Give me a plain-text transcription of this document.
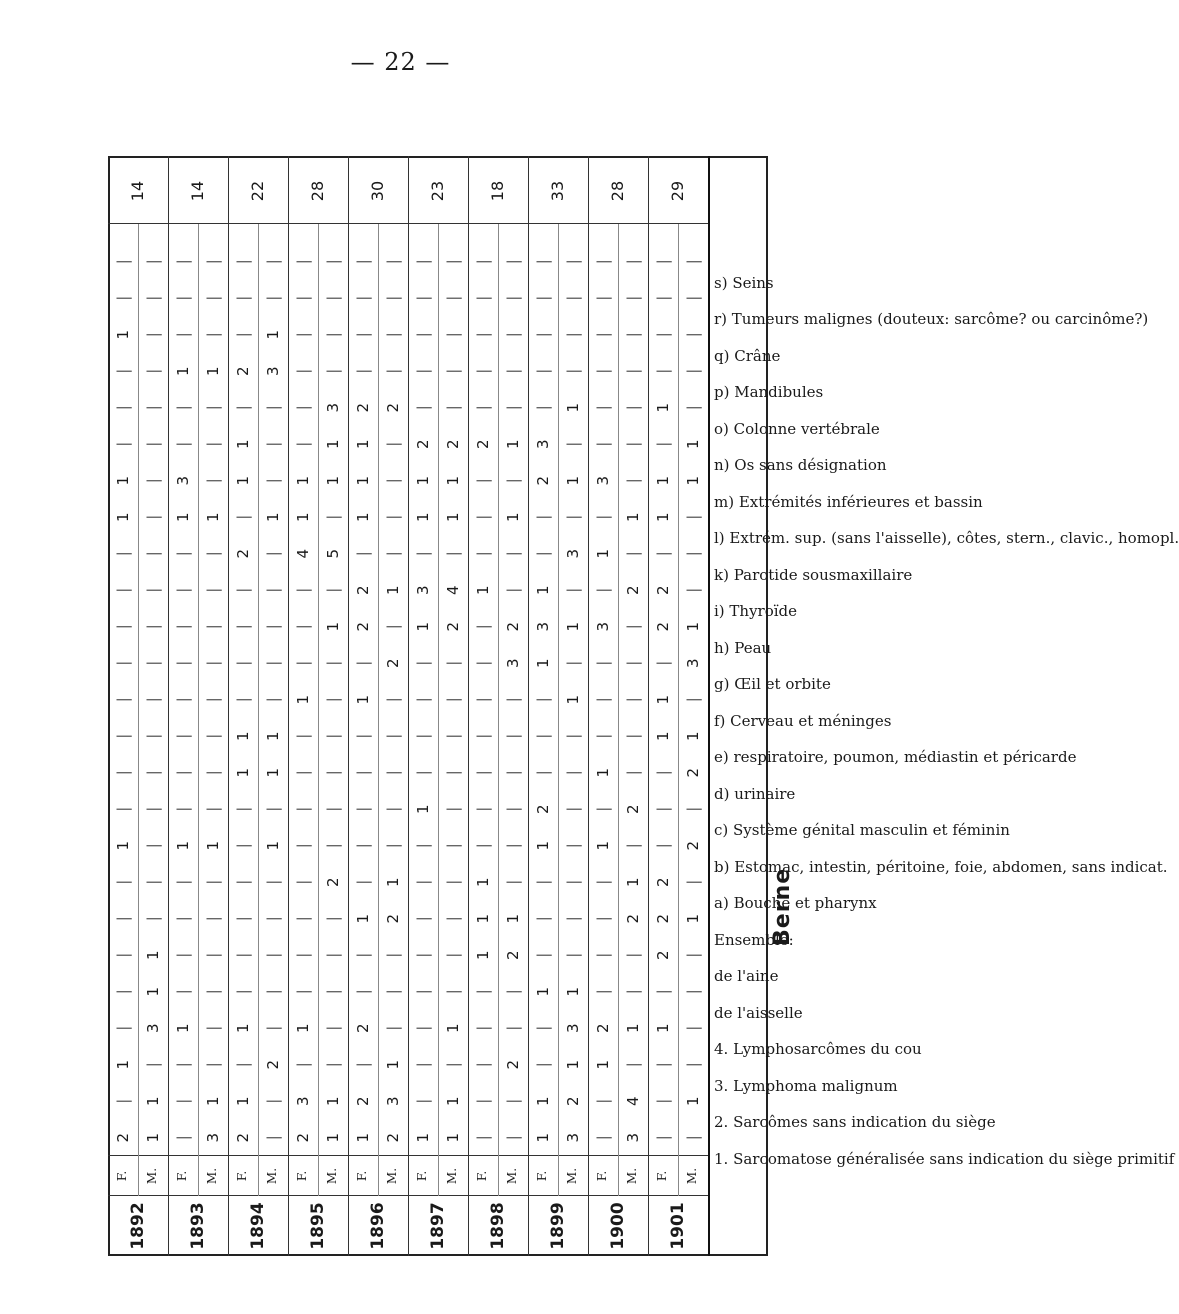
— 22 —
1892
F.
2
|
1
|
|
|
|
|
1
|
|
|
|
|
|
|
|
1
1
|
|
|
1
|
|
M.
1
1
|
3
1
1
|
|
|
|
|
|
|
|
|
|
|
|
|
|
|
|
|
|
|
14
1893
F.
|
|
|
1
|
|
|
|
1
|
|
|
|
|
|
|
|
1
3
|
|
1
|
|
|
M.
3
1
|
|
|
|
|
|
1
|
|
|
|
|
|
|
|
1
|
|
|
1
|
|
|
14
1894
F.
2
1
|
1
|
|
|
|
|
|
1
1
|
|
|
|
2
|
1
1
|
2
|
|
|
M.
|
|
2
|
|
|
|
|
1
|
1
1
|
|
|
|
|
1
|
|
|
3
1
|
|
22
1895
F.
2
3
|
1
|
|
|
|
|
|
|
|
1
|
|
|
4
1
1
|
|
|
|
|
|
M.
1
1
|
|
|
|
|
2
|
|
|
|
|
|
1
|
5
|
1
1
3
|
|
|
|
28
1896
F.
1
2
|
2
|
|
1
|
|
|
|
|
1
|
2
2
|
1
1
1
2
|
|
|
|
M.
2
3
1
|
|
|
2
1
|
|
|
|
|
2
|
1
|
|
|
|
2
|
|
|
|
30
1897
F.
1
|
|
|
|
|
|
|
|
1
|
|
|
|
1
3
|
1
1
2
|
|
|
|
|
M.
1
1
|
1
|
|
|
|
|
|
|
|
|
|
2
4
|
1
1
2
|
|
|
|
|
23
1898
F.
|
|
|
|
|
1
1
1
|
|
|
|
|
|
|
1
|
|
|
2
|
|
|
|
|
M.
|
|
2
|
|
2
1
|
|
|
|
|
|
3
2
|
|
1
|
1
|
|
|
|
|
18
1899
F.
1
1
|
|
1
|
|
|
1
2
|
|
|
1
3
1
|
|
2
3
|
|
|
|
|
M.
3
2
1
3
1
|
|
|
|
|
|
|
1
|
1
|
3
|
1
|
1
|
|
|
|
33
1900
F.
|
|
1
2
|
|
|
|
1
|
1
|
|
|
3
|
1
|
3
|
|
|
|
|
|
M.
3
4
|
1
|
|
2
1
|
2
|
|
|
|
|
2
|
1
|
|
|
|
|
|
|
28
1901
F.
|
|
|
1
|
2
2
2
|
|
|
1
1
|
2
2
|
1
1
|
1
|
|
|
|
M.
|
1
|
|
|
|
1
|
2
|
2
1
|
3
1
|
|
|
1
1
|
|
|
|
|
29
1. Sarcomatose généralisée sans indication du siège primitif
2. Sarcômes sans indication du siège
3. Lymphoma malignum
4. Lymphosarcômes du cou
de l'aisselle
de l'aine
Ensemble:
a) Bouche et pharynx
b) Estomac, intestin, péritoine, foie, abdomen, sans indicat.
c) Système génital masculin et féminin
d) urinaire
e) respiratoire, poumon, médiastin et péricarde
f) Cerveau et méninges
g) Œil et orbite
h) Peau
i) Thyroïde
k) Parotide sousmaxillaire
l) Extrém. sup. (sans l'aisselle), côtes, stern., clavic., homopl.
m) Extrémités inférieures et bassin
n) Os sans désignation
o) Colonne vertébrale
p) Mandibules
q) Crâne
r) Tumeurs malignes (douteux: sarcôme? ou carcinôme?)
s) Seins
Berne
